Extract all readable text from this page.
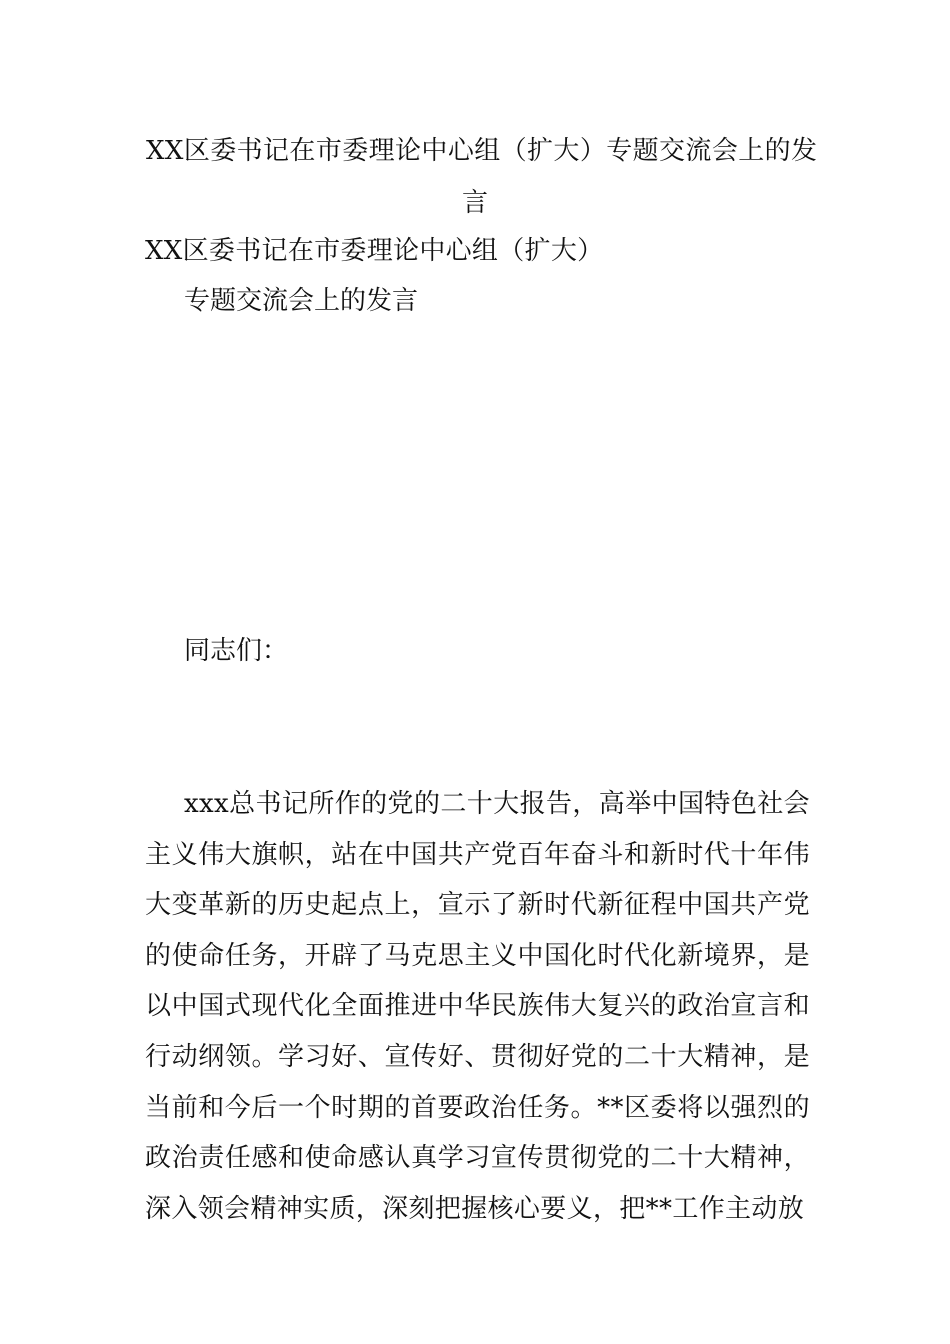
XX区委书记在市委理论中心组（扩大）专题交流会上的发
言
XX区委书记在市委理论中心组（扩大）
专题交流会上的发言
同志们：

xxx总书记所作的党的二十大报告，高举中国特色社会主义伟大旗帜，站在中国共产党百年奋斗和新时代十年伟大变革新的历史起点上，宣示了新时代新征程中国共产党的使命任务，开辟了马克思主义中国化时代化新境界，是以中国式现代化全面推进中华民族伟大复兴的政治宣言和行动纲领。学习好、宣传好、贯彻好党的二十大精神，是当前和今后一个时期的首要政治任务。**区委将以强烈的政治责任感和使命感认真学习宣传贯彻党的二十大精神，深入领会精神实质，深刻把握核心要义，把**工作主动放
